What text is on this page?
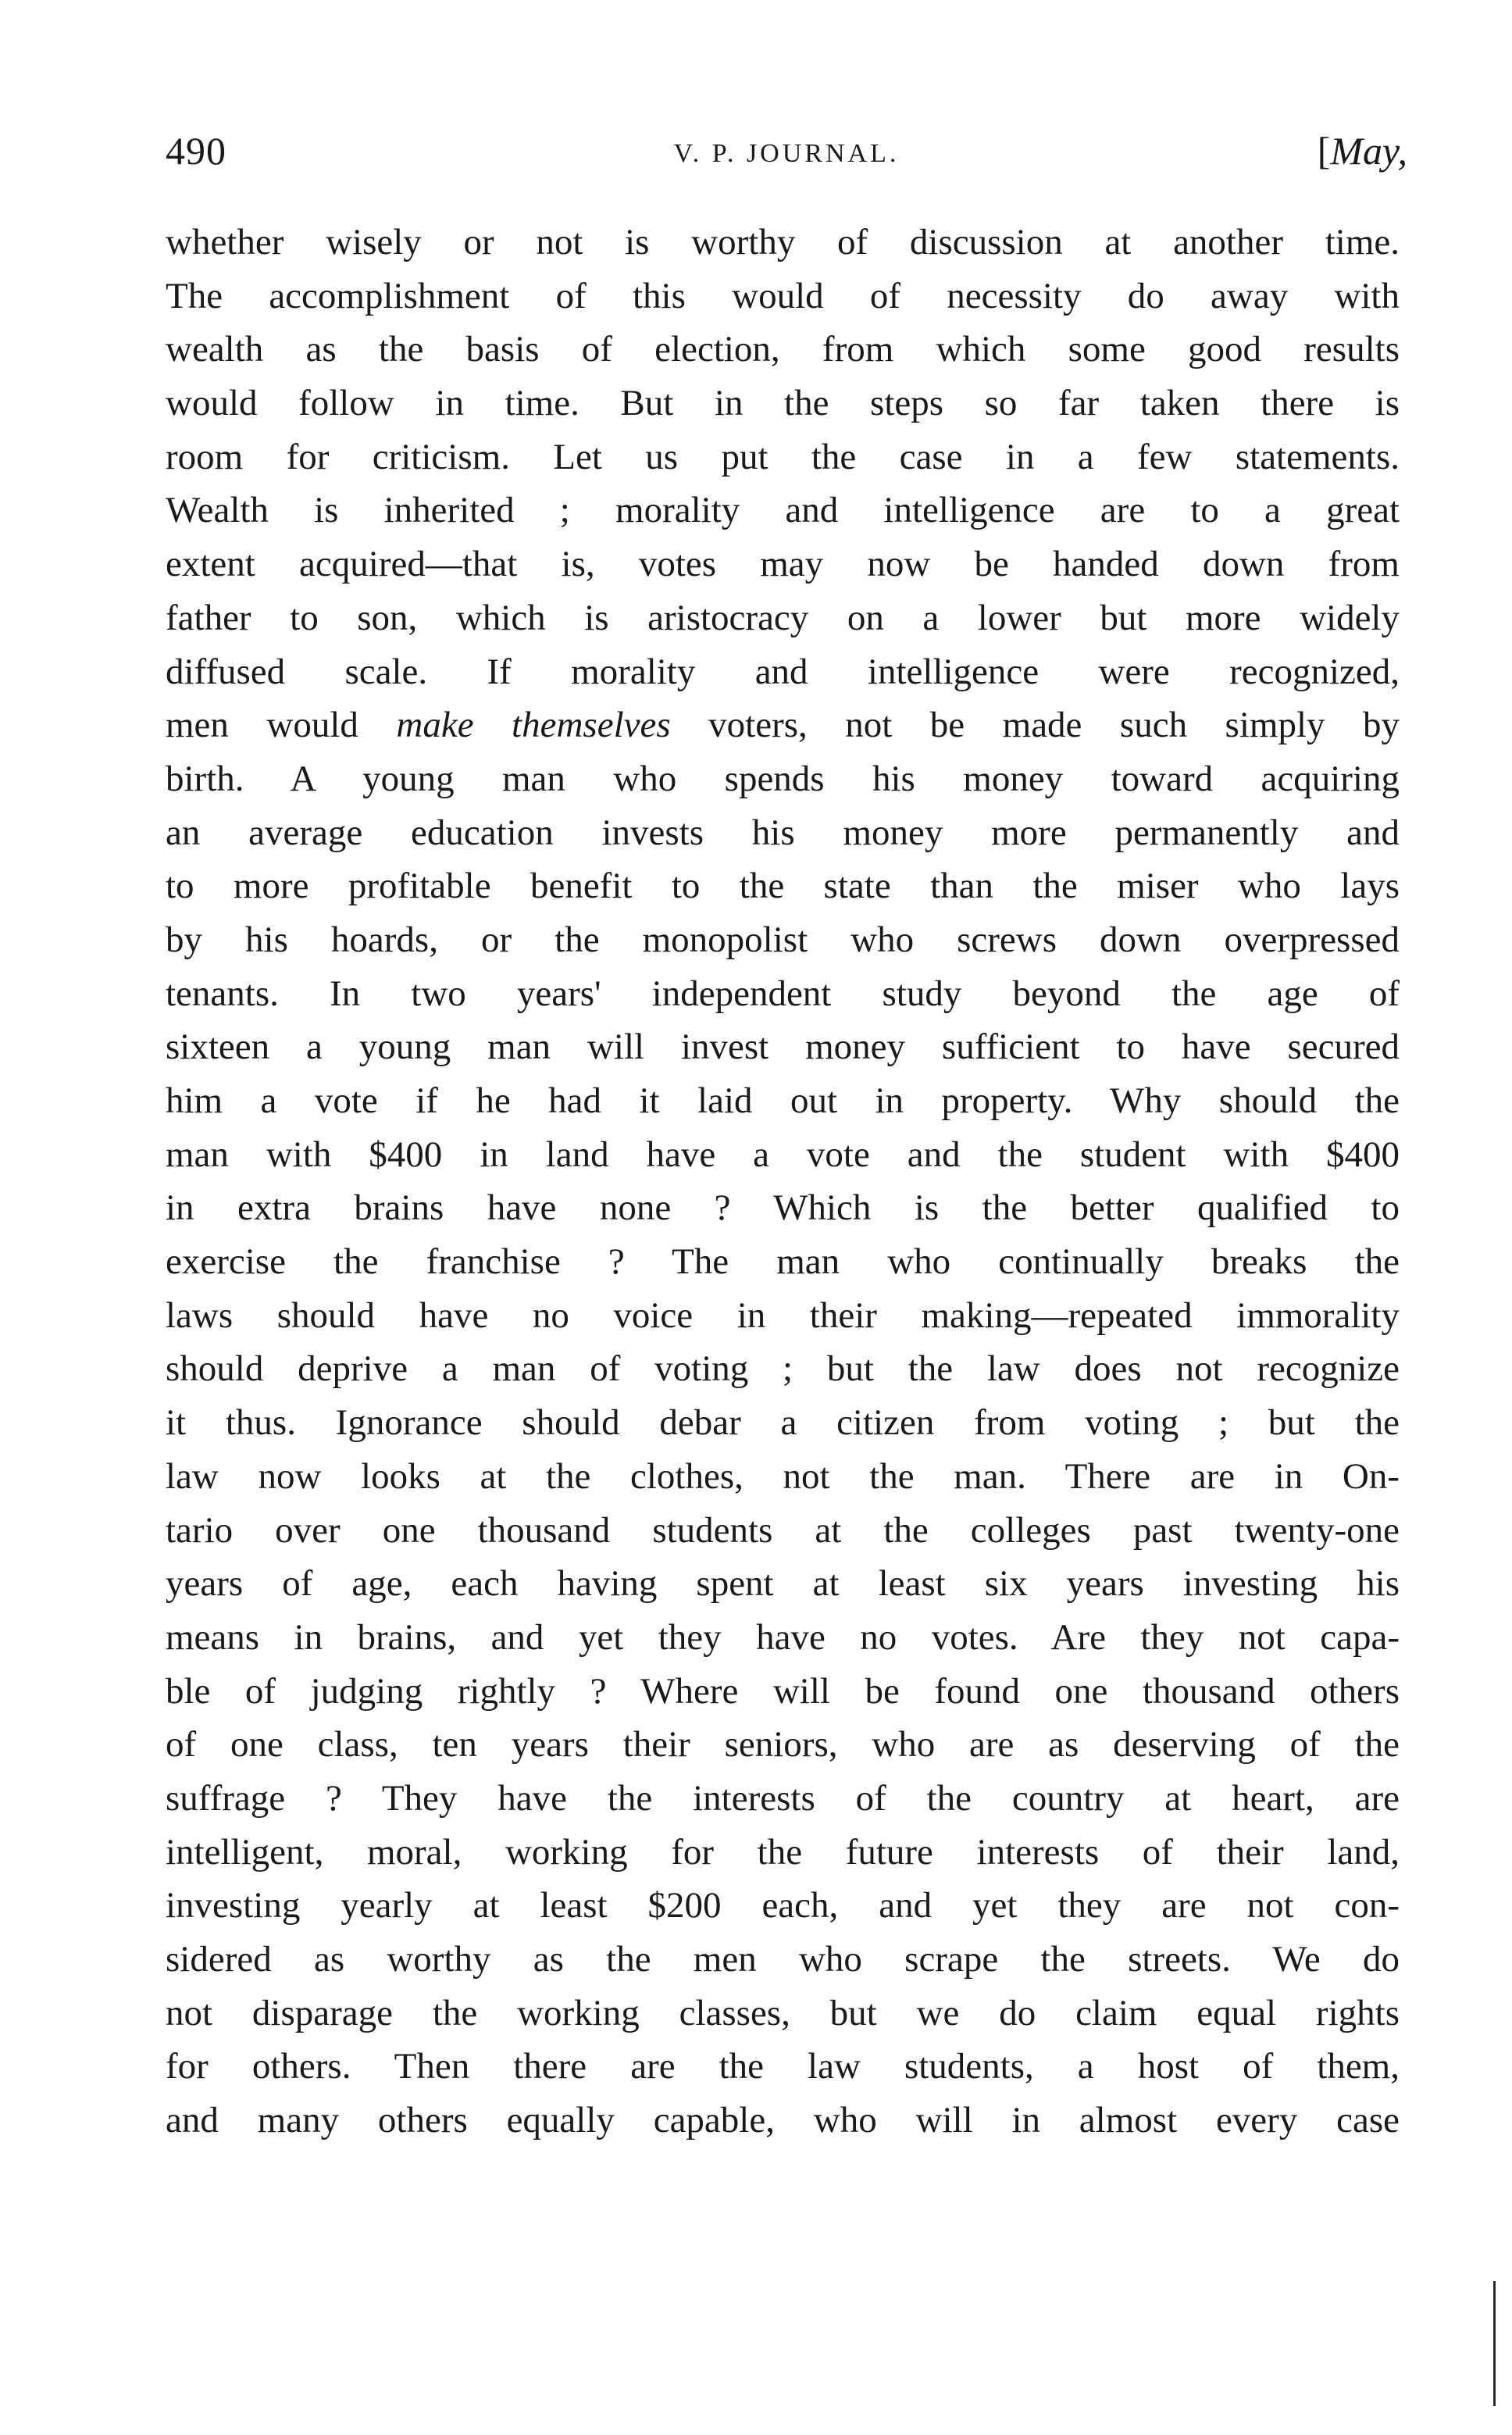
490	V. P. JOURNAL.	[May,
whether wisely or not is worthy of discussion at another time.
The accomplishment of this would of necessity do away with
wealth as the basis of election, from which some good results
would follow in time. But in the steps so far taken there is
room for criticism. Let us put the case in a few statements.
Wealth is inherited ; morality and intelligence are to a great
extent acquired—that is, votes may now be handed down from
father to son, which is aristocracy on a lower but more widely
diffused scale. If morality and intelligence were recognized,
men would make themselves voters, not be made such simply by
birth. A young man who spends his money toward acquiring
an average education invests his money more permanently and
to more profitable benefit to the state than the miser who lays
by his hoards, or the monopolist who screws down overpressed
tenants. In two years' independent study beyond the age of
sixteen a young man will invest money sufficient to have secured
him a vote if he had it laid out in property. Why should the
man with $400 in land have a vote and the student with $400
in extra brains have none ? Which is the better qualified to
exercise the franchise ? The man who continually breaks the
laws should have no voice in their making—repeated immorality
should deprive a man of voting ; but the law does not recognize
it thus. Ignorance should debar a citizen from voting ; but the
law now looks at the clothes, not the man. There are in On-
tario over one thousand students at the colleges past twenty-one
years of age, each having spent at least six years investing his
means in brains, and yet they have no votes. Are they not capa-
ble of judging rightly ? Where will be found one thousand others
of one class, ten years their seniors, who are as deserving of the
suffrage ? They have the interests of the country at heart, are
intelligent, moral, working for the future interests of their land,
investing yearly at least $200 each, and yet they are not con-
sidered as worthy as the men who scrape the streets. We do
not disparage the working classes, but we do claim equal rights
for others. Then there are the law students, a host of them,
and many others equally capable, who will in almost every case
